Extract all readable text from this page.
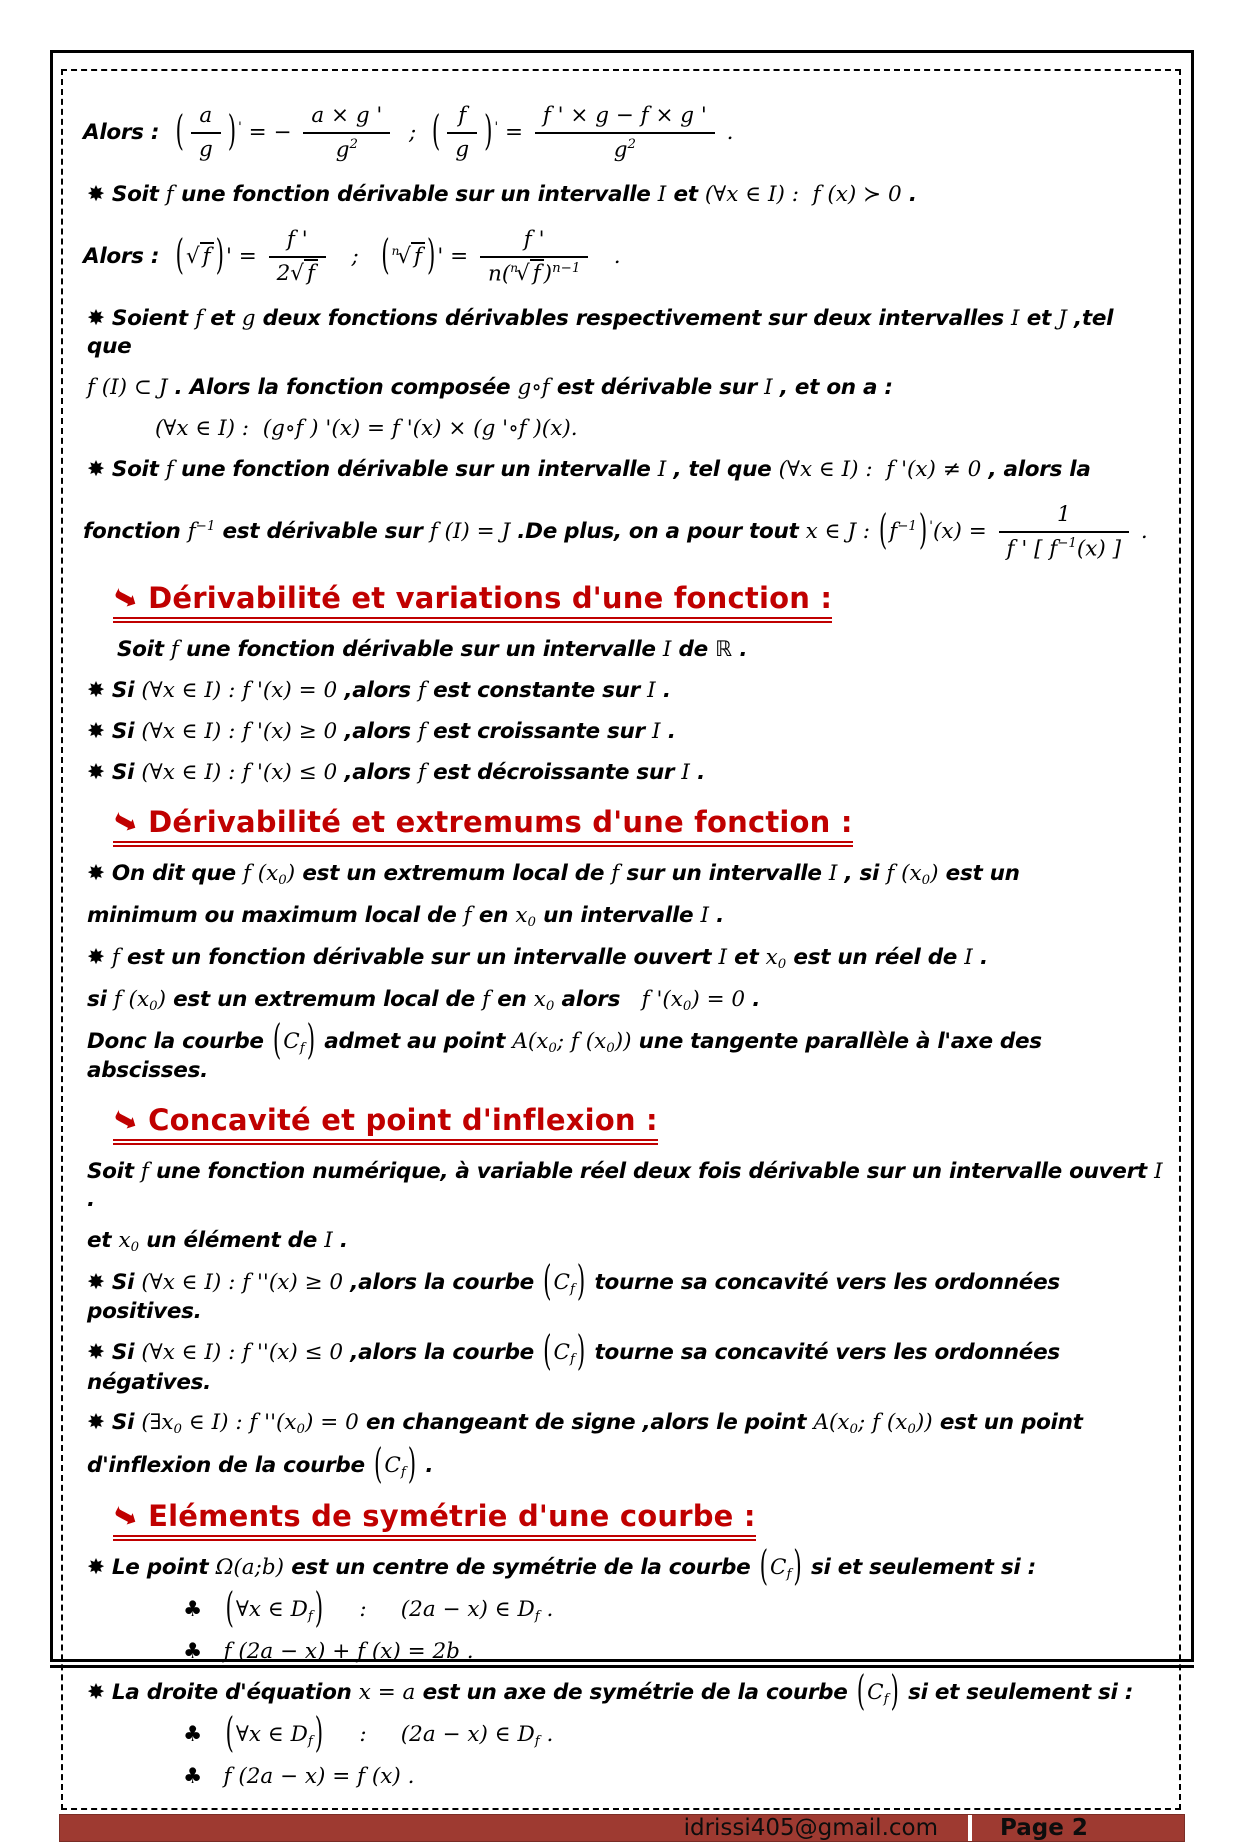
Alors :  ( $\frac{a}{g}$ ) ' = − $\frac{a \times g '}{g^2}$ ;  ( $\frac{f}{g}$ ) $' = \frac{f ' \times g - f \times g '}{g^2}$ .
✸ Soit f une fonction dérivable sur un intervalle I et (∀x ∈ I) :  f (x) ≻ 0 .
Alors :  (√ f )' = $\frac{f '}{2√ f}$ ;   ( $^n$√ f )' = $\frac{f '}{n(^n√ f )^{n-1}}$ .
✸ Soient f et g deux fonctions dérivables respectivement sur deux intervalles I et J ,tel que
f (I) ⊂ J . Alors la fonction composée g∘f est dérivable sur I , et on a :
(∀x ∈ I) :  (g∘f ) '(x) = f '(x) × (g '∘f )(x).
✸ Soit f une fonction dérivable sur un intervalle I , tel que (∀x ∈ I) :  f '(x) ≠ 0 , alors la
fonction $f^{-1}$ est dérivable sur f (I) = J .De plus, on a pour tout x ∈ J : $(f^{-1}) '(x) = \frac{1}{f ' [ f^{-1}(x) ]}$ .
➥ Dérivabilité et variations d'une fonction :
Soit f une fonction dérivable sur un intervalle I de ℝ .
✸ Si (∀x ∈ I) : f '(x) = 0 ,alors f est constante sur I .
✸ Si (∀x ∈ I) : f '(x) ≥ 0 ,alors f est croissante sur I .
✸ Si (∀x ∈ I) : f '(x) ≤ 0 ,alors f est décroissante sur I .
➥ Dérivabilité et extremums d'une fonction :
✸ On dit que f (x0) est un extremum local de f sur un intervalle I , si f (x0) est un
minimum ou maximum local de f en x0 un intervalle I .
✸ f est un fonction dérivable sur un intervalle ouvert I et x0 est un réel de I .
si f (x0) est un extremum local de f en x0 alors   f '(x0) = 0 .
Donc la courbe (Cf) admet au point A(x0; f (x0)) une tangente parallèle à l'axe des abscisses.
➥ Concavité et point d'inflexion :
Soit f une fonction numérique, à variable réel deux fois dérivable sur un intervalle ouvert I .
et x0 un élément de I .
✸ Si (∀x ∈ I) : f ''(x) ≥ 0 ,alors la courbe (Cf) tourne sa concavité vers les ordonnées positives.
✸ Si (∀x ∈ I) : f ''(x) ≤ 0 ,alors la courbe (Cf) tourne sa concavité vers les ordonnées négatives.
✸ Si (∃x0 ∈ I) : f ''(x0) = 0 en changeant de signe ,alors le point A(x0; f (x0)) est un point
d'inflexion de la courbe (Cf) .
➥ Eléments de symétrie d'une courbe :
✸ Le point Ω(a;b) est un centre de symétrie de la courbe (Cf) si et seulement si :
♣   (∀x ∈ Df)     :     (2a − x) ∈ Df .
♣   f (2a − x) + f (x) = 2b .
✸ La droite d'équation x = a est un axe de symétrie de la courbe (Cf) si et seulement si :
♣   (∀x ∈ Df)     :     (2a − x) ∈ Df .
♣   f (2a − x) = f (x) .
idrissi405@gmail.com	Page 2
